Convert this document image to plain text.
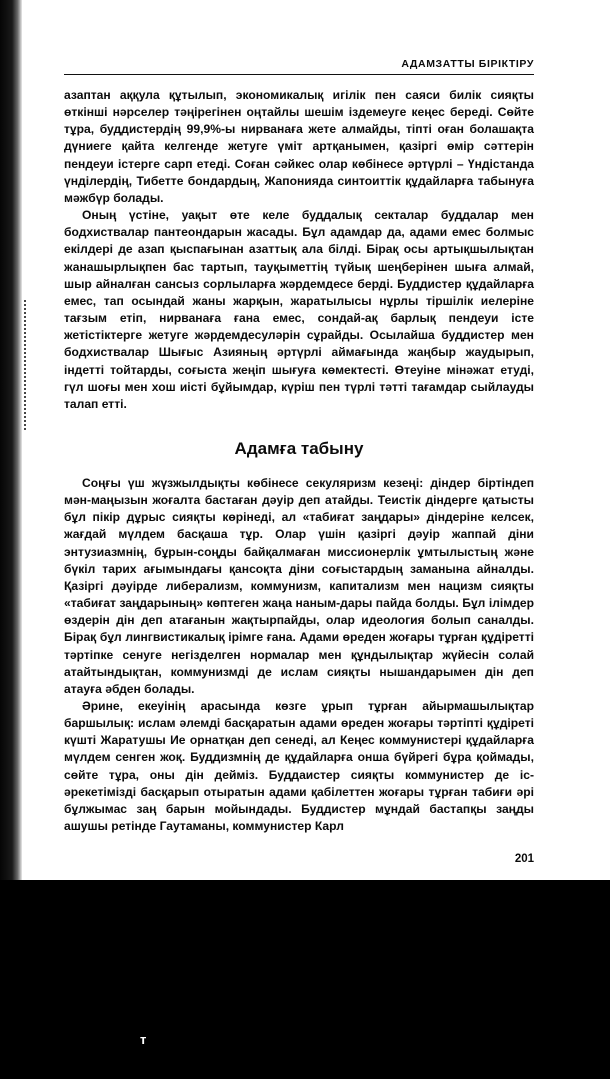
АДАМЗАТТЫ БІРІКТІРУ

азаптан аққула құтылып, экономикалық игілік пен саяси билік сияқты өткінші нәрселер тәңірегінен оңтайлы шешім іздемеуге кеңес береді. Сөйте тұра, буддистердің 99,9%-ы нирванаға жете алмайды, тіпті оған болашақта дүниеге қайта келгенде жетуге үміт артқанымен, қазіргі өмір сәттерін пендеуи істерге сарп етеді. Соған сәйкес олар көбінесе әртүрлі – Үндістанда үнділердің, Тибетте бондардың, Жапонияда синтоиттік құдайларға табынуға мәжбүр болады.

Оның үстіне, уақыт өте келе буддалық секталар буддалар мен бодхиствалар пантеондарын жасады. Бұл адамдар да, адами емес болмыс екілдері де азап қыспағынан азаттық ала білді. Бірақ осы артықшылықтан жанашырлықпен бас тартып, тауқыметтің түйық шеңберінен шыға алмай, шыр айналған сансыз сорлыларға жәрдемдесе берді. Буддистер құдайларға емес, тап осындай жаны жарқын, жаратылысы нұрлы тіршілік иелеріне тағзым етіп, нирванаға ғана емес, сондай-ақ барлық пендеуи істе жетістіктерге жетуге жәрдемдесуләрін сұрайды. Осылайша буддистер мен бодхиствалар Шығыс Азияның әртүрлі аймағында жаңбыр жаудырып, індетті тойтарды, соғыста жеңіп шығуға көмектесті. Өтеуіне мінәжат етуді, гүл шоғы мен хош иісті бұйымдар, күріш пен түрлі тәтті тағамдар сыйлауды талап етті.

Адамға табыну

Соңғы үш жүзжылдықты көбінесе секуляризм кезеңі: діндер біртіндеп мән-маңызын жоғалта бастаған дәуір деп атайды. Теистік діндерге қатысты бұл пікір дұрыс сияқты көрінеді, ал «табиғат заңдары» діндеріне келсек, жағдай мүлдем басқаша тұр. Олар үшін қазіргі дәуір жаппай діни энтузиазмнің, бұрын-соңды байқалмаған миссионерлік ұмтылыстың және бүкіл тарих ағымындағы қансоқта діни соғыстардың заманына айналды. Қазіргі дәуірде либерализм, коммунизм, капитализм мен нацизм сияқты «табиғат заңдарының» көптеген жаңа наным-дары пайда болды. Бұл ілімдер өздерін дін деп атағанын жақтырпайды, олар идеология болып саналды. Бірақ бұл лингвистикалық ірімге ғана. Адами өреден жоғары тұрған құдіретті тәртіпке сенуге негізделген нормалар мен құндылықтар жүйесін солай атайтындықтан, коммунизмді де ислам сияқты нышандарымен дін деп атауға әбден болады.

Әрине, екеуінің арасында көзге ұрып тұрған айырмашылықтар баршылық: ислам әлемді басқаратын адами өреден жоғары тәртіпті құдіреті күшті Жаратушы Ие орнатқан деп сенеді, ал Кеңес коммунистері құдайларға мүлдем сенген жоқ. Буддизмнің де құдайларға онша бүйрегі бұра қоймады, сөйте тұра, оны дін дейміз. Буддаистер сияқты коммунистер де іс-әрекетімізді басқарып отыратын адами қабілеттен жоғары тұрған табиғи әрі бұлжымас заң барын мойындады. Буддистер мұндай бастапқы заңды ашушы ретінде Гаутаманы, коммунистер Карл

201
т
